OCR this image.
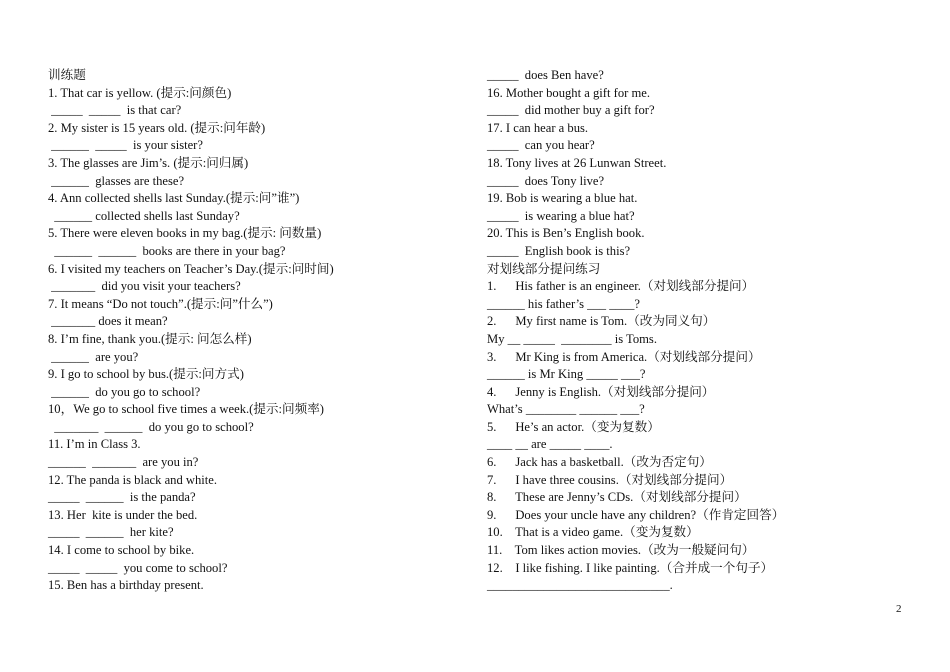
训练题
1. That car is yellow. (提示:问颜色)
_____  _____  is that car?
2. My sister is 15 years old. (提示:问年龄)
______  _____  is your sister?
3. The glasses are Jim’s. (提示:问归属)
______  glasses are these?
4. Ann collected shells last Sunday.(提示:问”谁”)
______ collected shells last Sunday?
5. There were eleven books in my bag.(提示: 问数量)
______  ______  books are there in your bag?
6. I visited my teachers on Teacher’s Day.(提示:问时间)
_______  did you visit your teachers?
7. It means “Do not touch”.(提示:问”什么”)
_______ does it mean?
8. I’m fine, thank you.(提示: 问怎么样)
______  are you?
9. I go to school by bus.(提示:问方式)
______  do you go to school?
10，We go to school five times a week.(提示:问频率)
_______  ______  do you go to school?
11. I’m in Class 3.
______  _______  are you in?
12. The panda is black and white.
_____  ______  is the panda?
13. Her  kite is under the bed.
_____  ______  her kite?
14. I come to school by bike.
_____  _____  you come to school?
15. Ben has a birthday present.
_____  does Ben have?
16. Mother bought a gift for me.
_____  did mother buy a gift for?
17. I can hear a bus.
_____  can you hear?
18. Tony lives at 26 Lunwan Street.
_____  does Tony live?
19. Bob is wearing a blue hat.
_____  is wearing a blue hat?
20. This is Ben’s English book.
_____  English book is this?
对划线部分提问练习
1.      His father is an engineer.（对划线部分提问）
______ his father’s ___ ____?
2.      My first name is Tom.（改为同义句）
My __ _____  ________ is Toms.
3.      Mr King is from America.（对划线部分提问）
______ is Mr King _____ ___?
4.      Jenny is English.（对划线部分提问）
What’s ________ ______ ___?
5.      He’s an actor.（变为复数）
____ __ are _____ ____.
6.      Jack has a basketball.（改为否定句）
7.      I have three cousins.（对划线部分提问）
8.      These are Jenny’s CDs.（对划线部分提问）
9.      Does your uncle have any children?（作肯定回答）
10.    That is a video game.（变为复数）
11.    Tom likes action movies.（改为一般疑问句）
12.    I like fishing. I like painting.（合并成一个句子）
_____________________________.
2
